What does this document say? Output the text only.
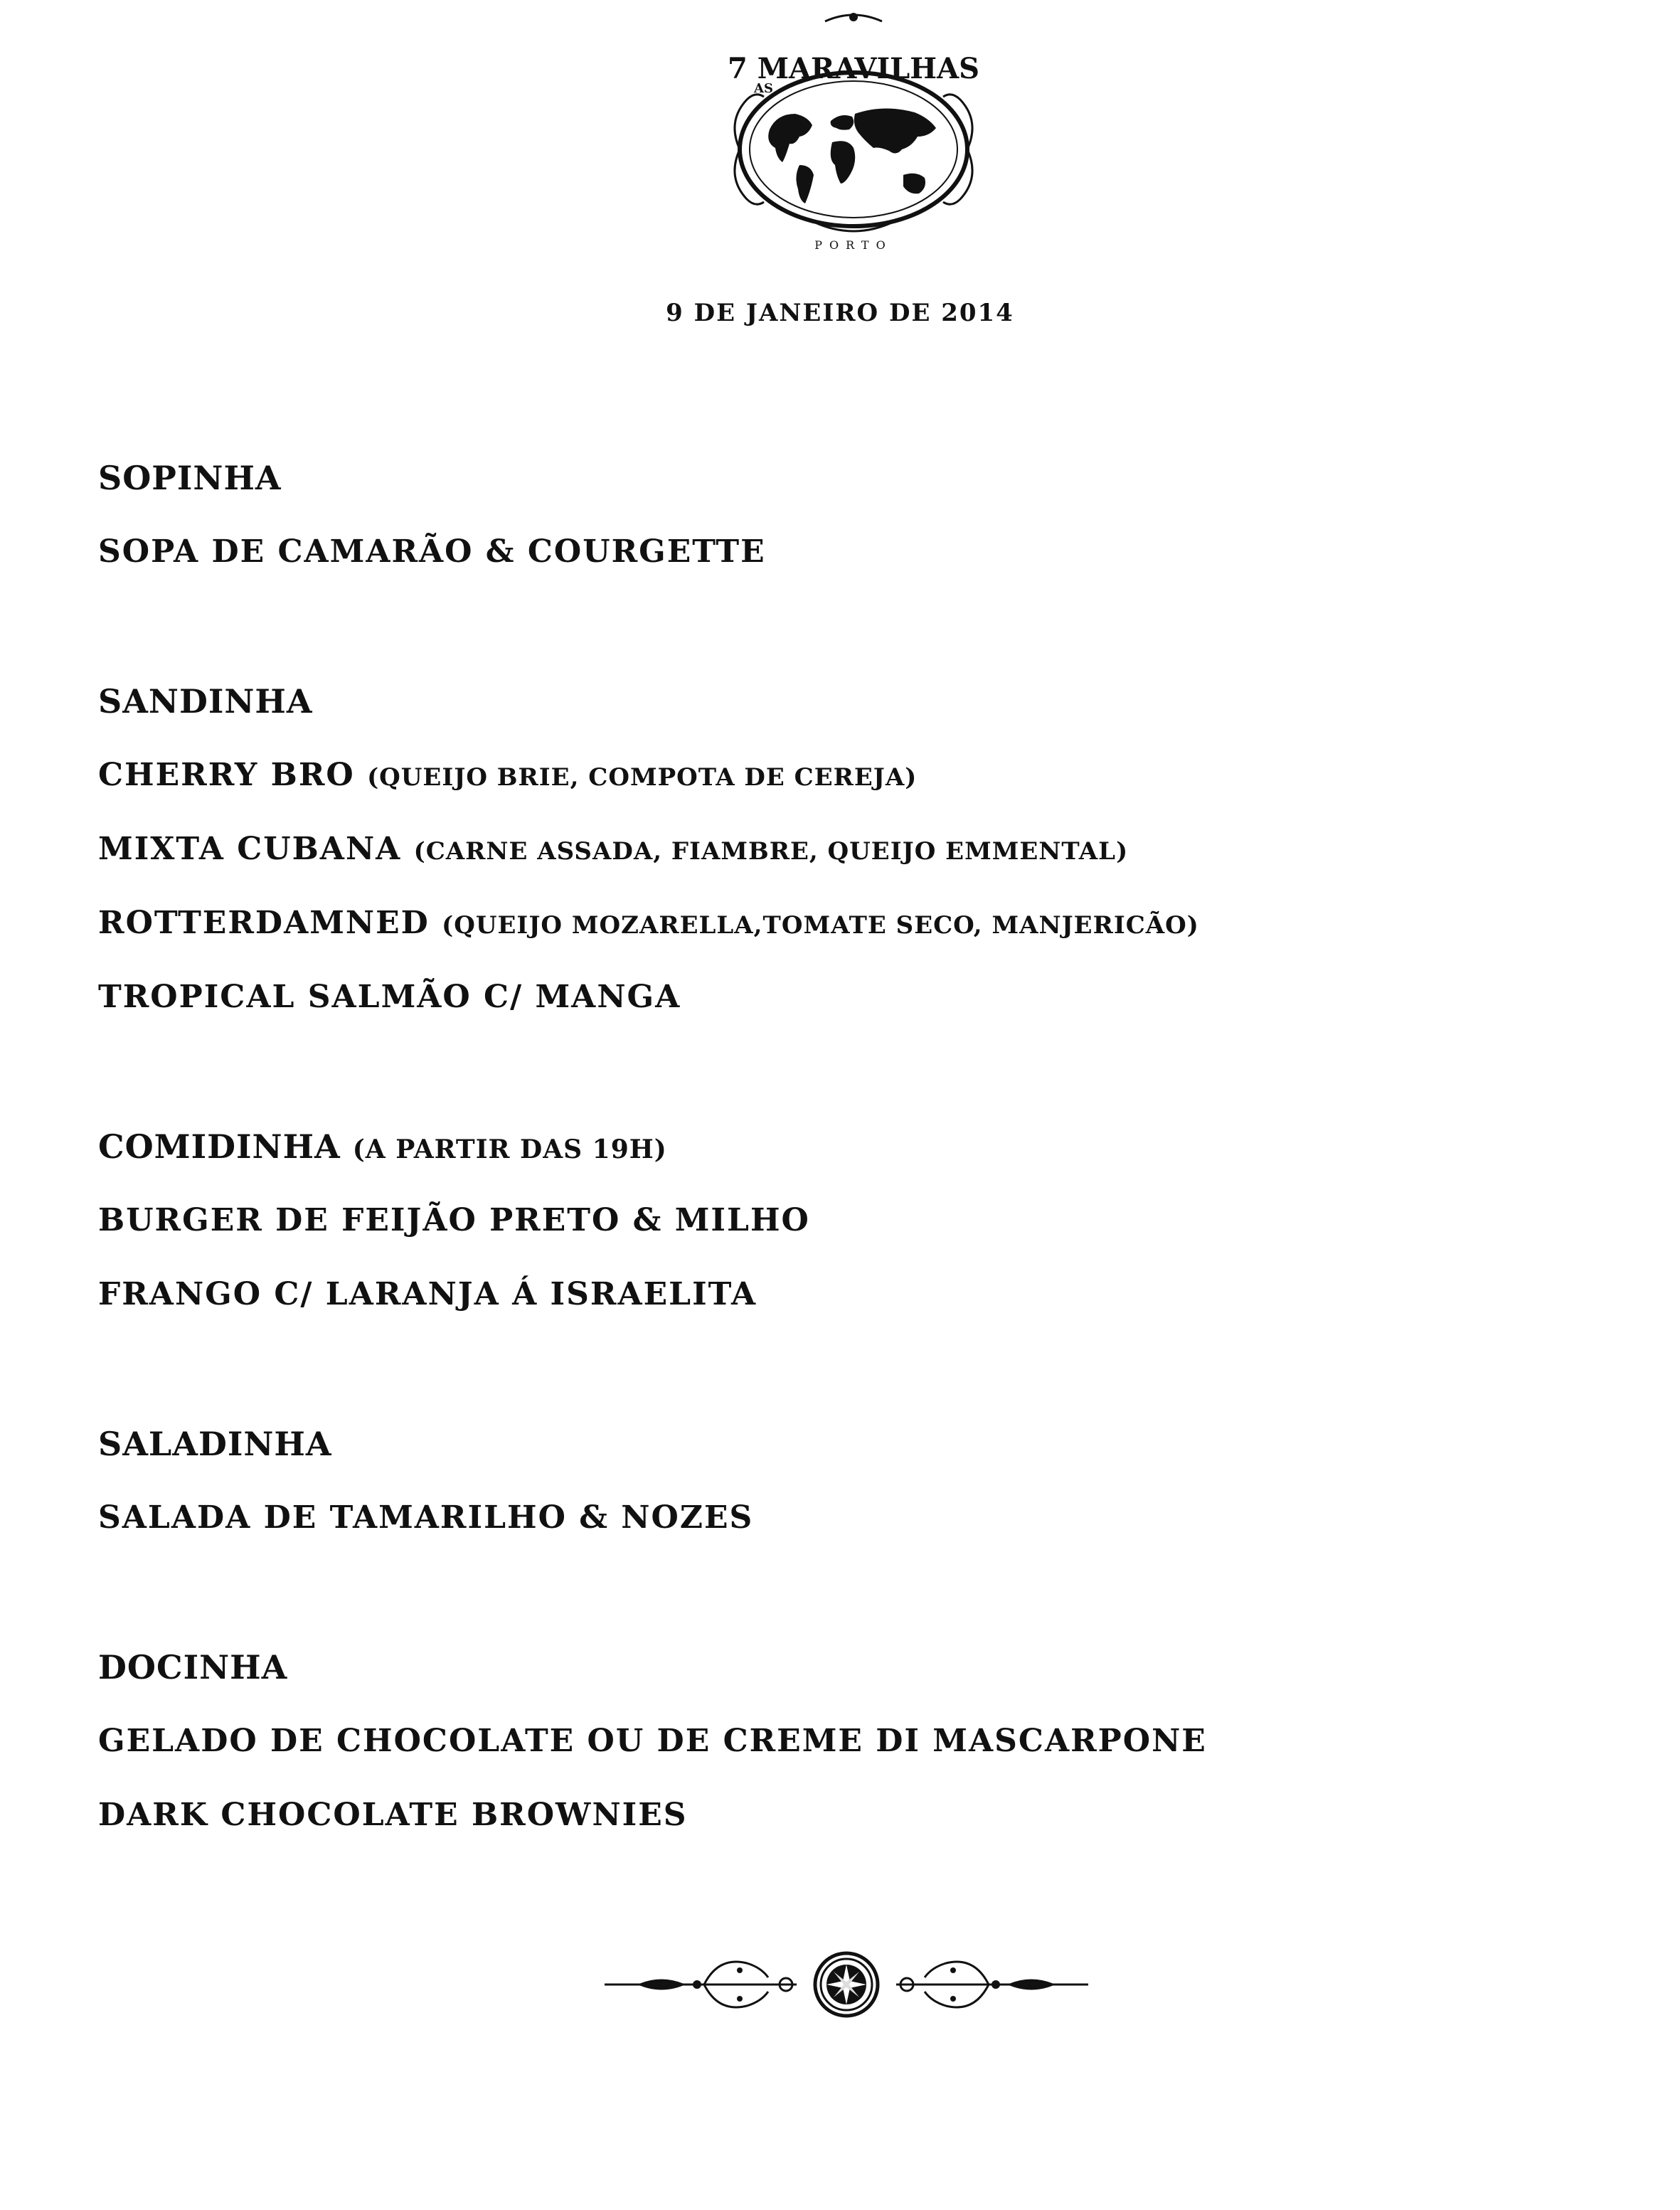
AS
7 MARAVILHAS
PORTO
9 DE JANEIRO DE 2014
SOPINHA
SOPA DE CAMARÃO & COURGETTE
SANDINHA
CHERRY BRO (QUEIJO BRIE, COMPOTA DE CEREJA)
MIXTA CUBANA (CARNE ASSADA, FIAMBRE, QUEIJO EMMENTAL)
ROTTERDAMNED (QUEIJO MOZARELLA,TOMATE SECO, MANJERICÃO)
TROPICAL SALMÃO C/ MANGA
COMIDINHA (A PARTIR DAS 19H)
BURGER DE FEIJÃO PRETO & MILHO
FRANGO C/ LARANJA Á ISRAELITA
SALADINHA
SALADA DE TAMARILHO & NOZES
DOCINHA
GELADO DE CHOCOLATE OU DE CREME DI MASCARPONE
DARK CHOCOLATE BROWNIES
